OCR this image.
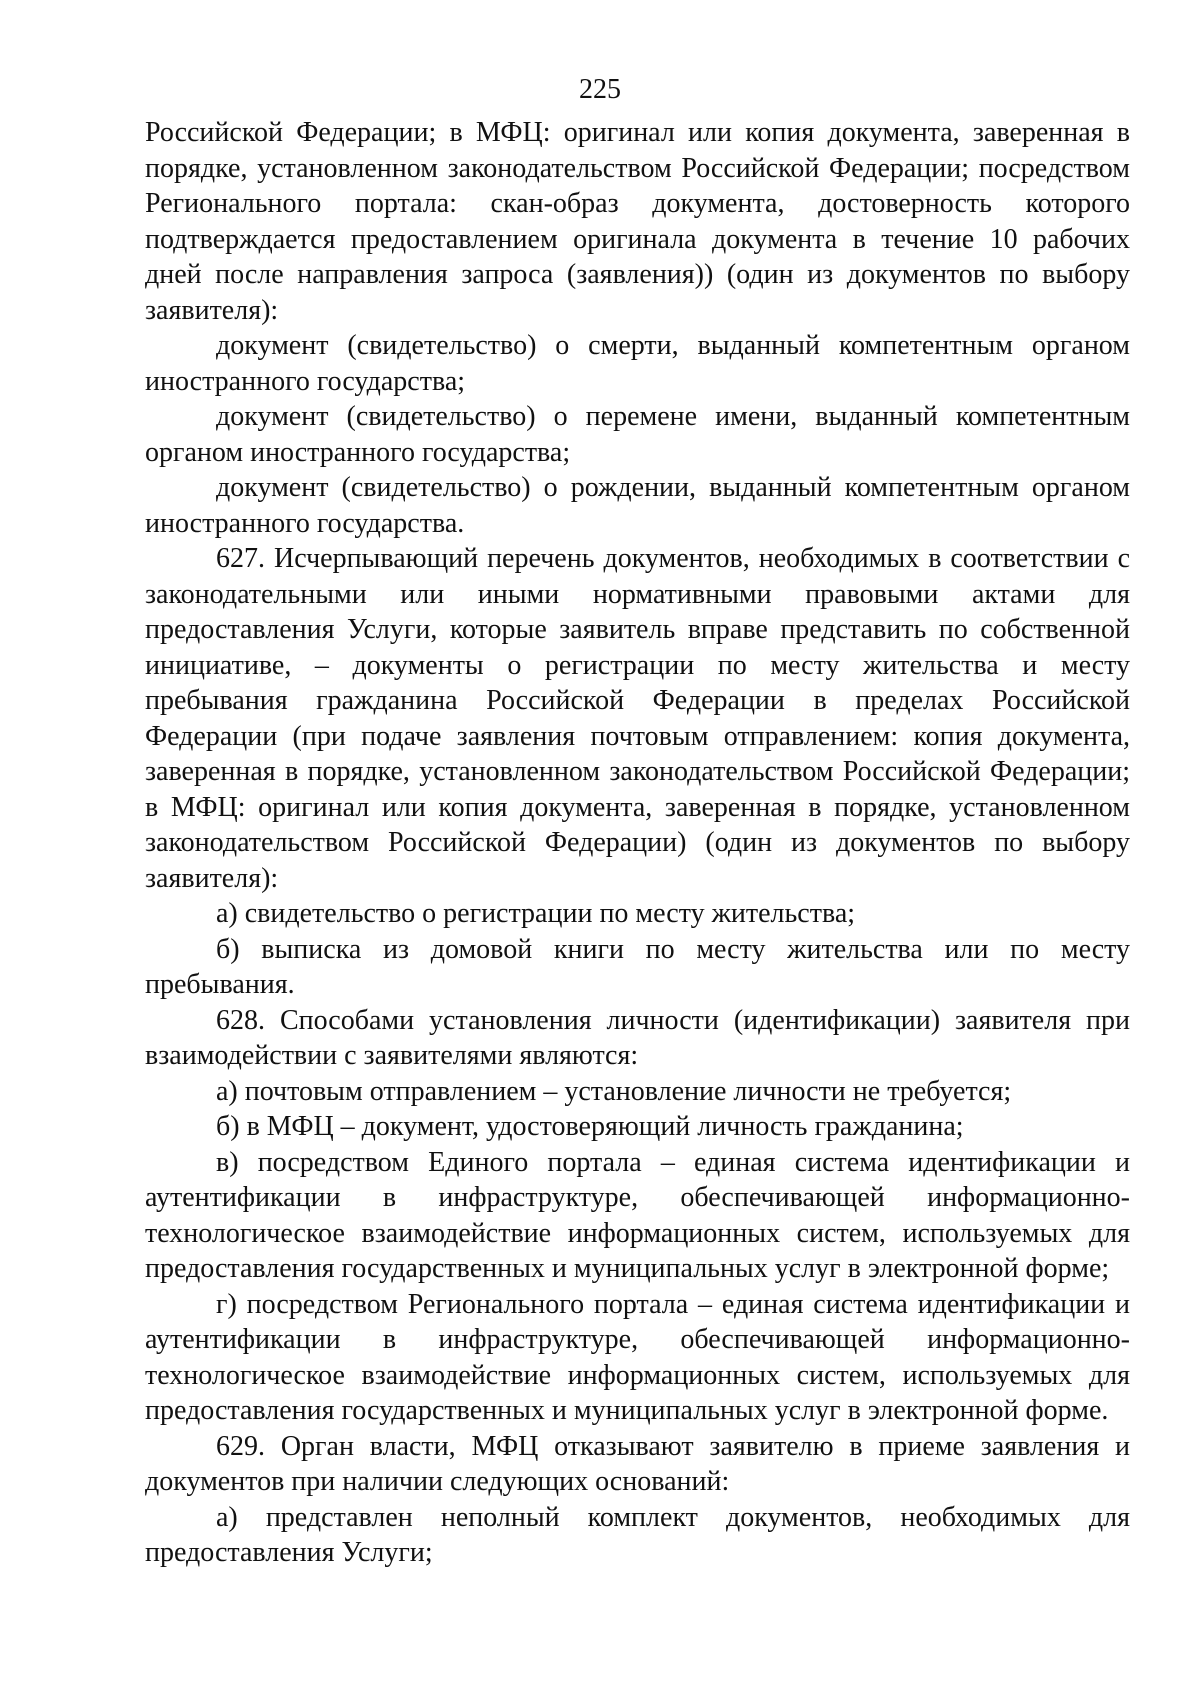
225

Российской Федерации; в МФЦ: оригинал или копия документа, заверенная в порядке, установленном законодательством Российской Федерации; посредством Регионального портала: скан-образ документа, достоверность которого подтверждается предоставлением оригинала документа в течение 10 рабочих дней после направления запроса (заявления)) (один из документов по выбору заявителя):

документ (свидетельство) о смерти, выданный компетентным органом иностранного государства;

документ (свидетельство) о перемене имени, выданный компетентным органом иностранного государства;

документ (свидетельство) о рождении, выданный компетентным органом иностранного государства.

627. Исчерпывающий перечень документов, необходимых в соответствии с законодательными или иными нормативными правовыми актами для предоставления Услуги, которые заявитель вправе представить по собственной инициативе, – документы о регистрации по месту жительства и месту пребывания гражданина Российской Федерации в пределах Российской Федерации (при подаче заявления почтовым отправлением: копия документа, заверенная в порядке, установленном законодательством Российской Федерации; в МФЦ: оригинал или копия документа, заверенная в порядке, установленном законодательством Российской Федерации) (один из документов по выбору заявителя):

а) свидетельство о регистрации по месту жительства;

б) выписка из домовой книги по месту жительства или по месту пребывания.

628. Способами установления личности (идентификации) заявителя при взаимодействии с заявителями являются:

а) почтовым отправлением – установление личности не требуется;

б) в МФЦ – документ, удостоверяющий личность гражданина;

в) посредством Единого портала – единая система идентификации и аутентификации в инфраструктуре, обеспечивающей информационно-технологическое взаимодействие информационных систем, используемых для предоставления государственных и муниципальных услуг в электронной форме;

г) посредством Регионального портала – единая система идентификации и аутентификации в инфраструктуре, обеспечивающей информационно-технологическое взаимодействие информационных систем, используемых для предоставления государственных и муниципальных услуг в электронной форме.

629. Орган власти, МФЦ отказывают заявителю в приеме заявления и документов при наличии следующих оснований:

а) представлен неполный комплект документов, необходимых для предоставления Услуги;
